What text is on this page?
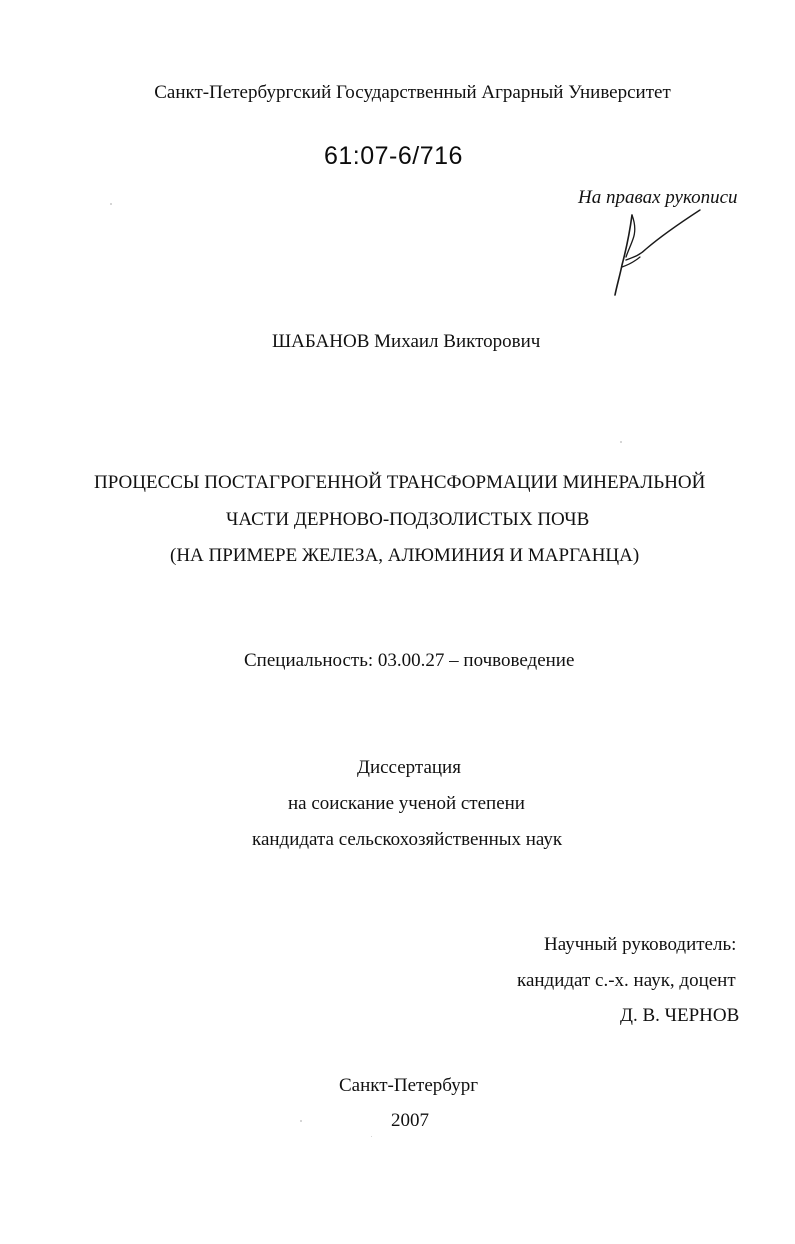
Санкт-Петербургский Государственный Аграрный Университет
61:07-6/716
На правах рукописи
ШАБАНОВ Михаил Викторович
ПРОЦЕССЫ ПОСТАГРОГЕННОЙ ТРАНСФОРМАЦИИ МИНЕРАЛЬНОЙ
ЧАСТИ ДЕРНОВО-ПОДЗОЛИСТЫХ ПОЧВ
(НА ПРИМЕРЕ ЖЕЛЕЗА, АЛЮМИНИЯ И МАРГАНЦА)
Специальность: 03.00.27 – почвоведение
Диссертация
на соискание ученой степени
кандидата сельскохозяйственных наук
Научный руководитель:
кандидат с.-х. наук, доцент
Д. В. ЧЕРНОВ
Санкт-Петербург
2007
